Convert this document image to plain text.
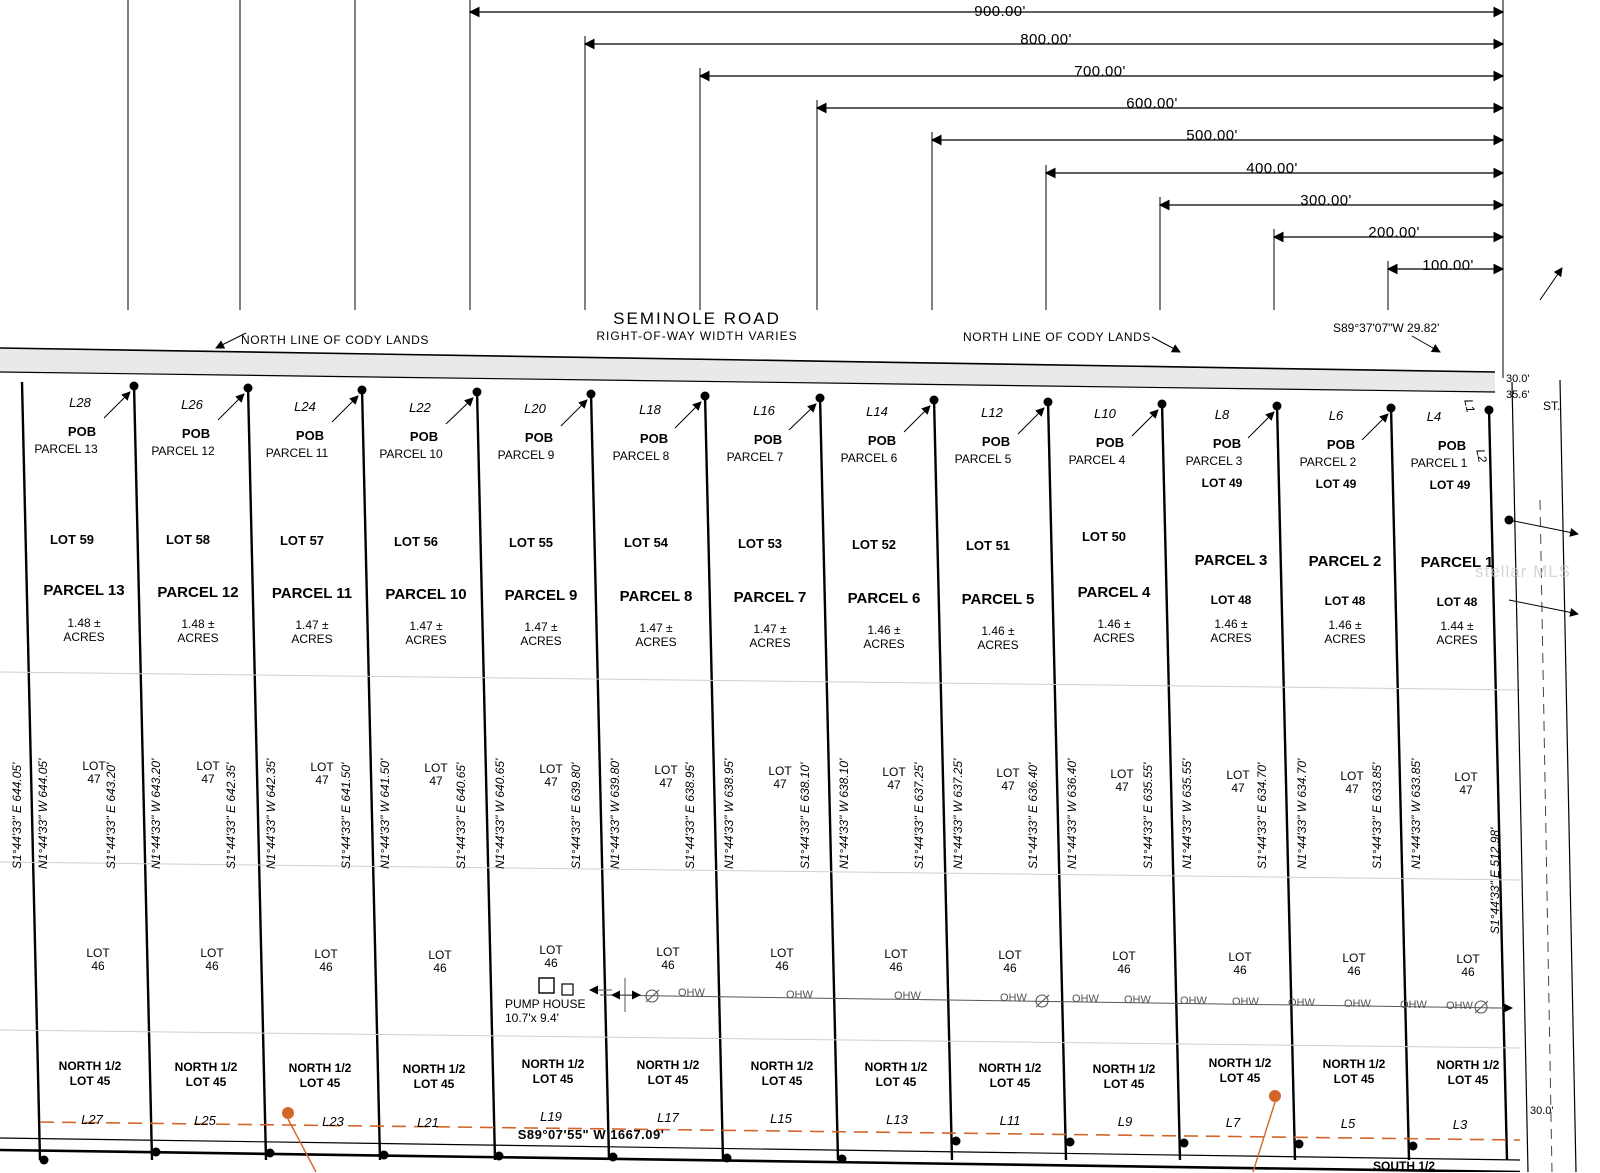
900.00'
800.00'
700.00'
600.00'
500.00'
400.00'
300.00'
200.00'
100.00'
SEMINOLE ROAD
RIGHT-OF-WAY WIDTH VARIES
NORTH LINE OF CODY LANDS	NORTH LINE OF CODY LANDS
S89°37'07"W 29.82'
L28	L26	L24	L22	L20	L18	L16	L14	L12	L10	L8	L6	L4
L1
L2
L27	L25	L23	L21	L19	L17	L15	L13	L11	L9	L7	L5	L3
S89°07'55" W 1667.09'
SOUTH 1/2
POB
PARCEL 13
LOT 59
PARCEL 13
1.48 ±
ACRES
LOT
47
LOT
46
NORTH 1/2
LOT 45
S1°44'33" E 644.05' N1°44'33" W 644.05'
POB
PARCEL 12
LOT 58
PARCEL 12
1.48 ±
ACRES
LOT
47
LOT
46
NORTH 1/2
LOT 45
S1°44'33" E 643.20'	N1°44'33" W 643.20'
POB
PARCEL 11
LOT 57
PARCEL 11
1.47 ±
ACRES
LOT
47
LOT
46
NORTH 1/2
LOT 45
S1°44'33" E 642.35' N1°44'33" W 642.35'
POB
PARCEL 10
LOT 56
PARCEL 10
1.47 ±
ACRES
LOT
47
LOT
46
NORTH 1/2
LOT 45
S1°44'33" E 641.50' N1°44'33" W 641.50'
POB
PARCEL 9
LOT 55
PARCEL 9
1.47 ±
ACRES
LOT
47
LOT
46
NORTH 1/2
LOT 45
S1°44'33" E 640.65' N1°44'33" W 640.65'
PUMP HOUSE
10.7'x 9.4'
POB
PARCEL 8
LOT 54
PARCEL 8
1.47 ±
ACRES
LOT
47
LOT
46
NORTH 1/2
LOT 45
S1°44'33" E 639.80' N1°44'33" W 639.80'
POB
PARCEL 7
LOT 53
PARCEL 7
1.47 ±
ACRES
LOT
47
LOT
46
NORTH 1/2
LOT 45
S1°44'33" E 638.95' N1°44'33" W 638.95'
POB
PARCEL 6
LOT 52
PARCEL 6
1.46 ±
ACRES
LOT
47
LOT
46
NORTH 1/2
LOT 45
S1°44'33" E 638.10' N1°44'33" W 638.10'
POB
PARCEL 5
LOT 51
PARCEL 5
1.46 ±
ACRES
LOT
47
LOT
46
NORTH 1/2
LOT 45
S1°44'33" E 637.25' N1°44'33" W 637.25'
POB
PARCEL 4
LOT 50
PARCEL 4
1.46 ±
ACRES
LOT
47
LOT
46
NORTH 1/2
LOT 45
S1°44'33" E 636.40' N1°44'33" W 636.40'
POB
PARCEL 3
LOT 49
PARCEL 3
LOT 48
1.46 ±
ACRES
LOT
47
LOT
46
NORTH 1/2
LOT 45
S1°44'33" E 635.55' N1°44'33" W 635.55'
POB
PARCEL 2
LOT 49
PARCEL 2
LOT 48
1.46 ±
ACRES
LOT
47
LOT
46
NORTH 1/2
LOT 45
S1°44'33" E 634.70' N1°44'33" W 634.70'
POB
PARCEL 1
LOT 49
PARCEL 1
LOT 48
1.44 ±
ACRES
LOT
47
LOT
46
NORTH 1/2
LOT 45
S1°44'33" E 633.85' N1°44'33" W 633.85'
S1°44'33" E 512.98'
OHW	OHW	OHW	OHW	OHW OHW	OHW OHW	OHW	OHW	OHW OHW
30.0'
35.6'
30.0'
ST.
stellar MLS
